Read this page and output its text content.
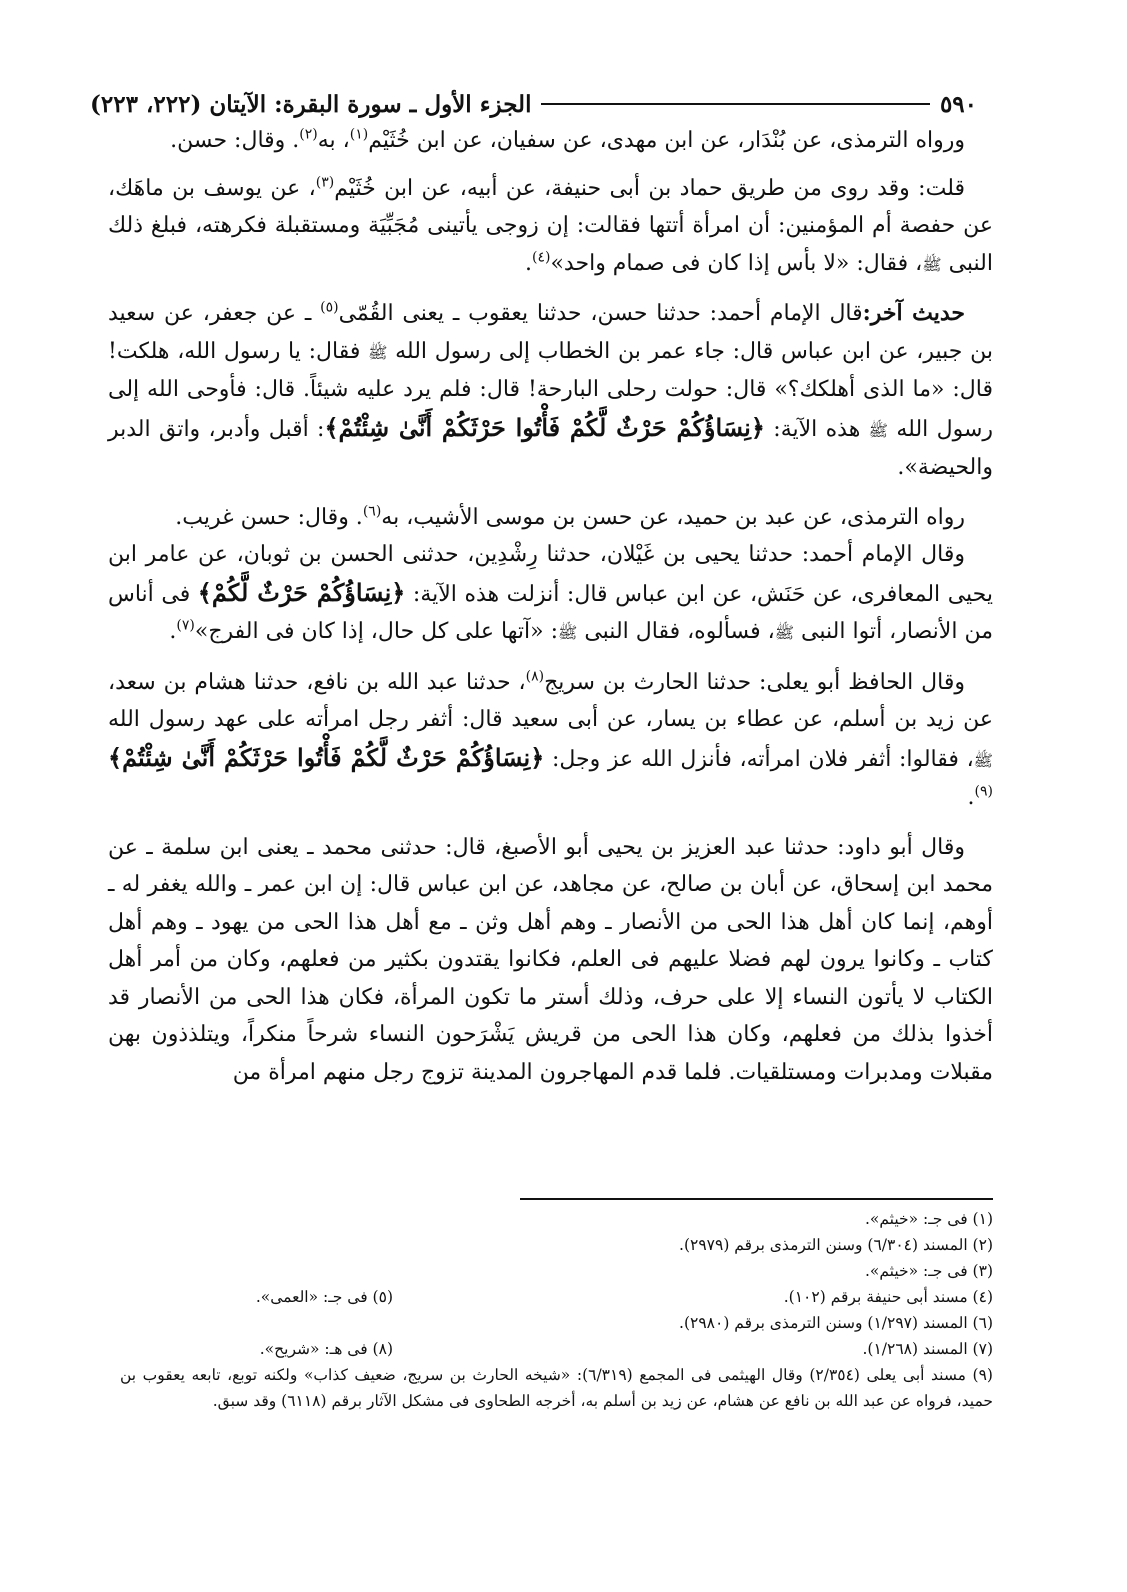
٥٩٠
الجزء الأول ـ سورة البقرة: الآيتان (٢٢٢، ٢٢٣)

ورواه الترمذى، عن بُنْدَار، عن ابن مهدى، عن سفيان، عن ابن خُثَيْم$^{(١)}$، به$^{(٢)}$. وقال: حسن.

قلت: وقد روى من طريق حماد بن أبى حنيفة، عن أبيه، عن ابن خُثَيْم$^{(٣)}$، عن يوسف بن ماهَك، عن حفصة أم المؤمنين: أن امرأة أتتها فقالت: إن زوجى يأتينى مُجَبِّيَة ومستقبلة فكرهته، فبلغ ذلك النبى ﷺ، فقال: «لا بأس إذا كان فى صمام واحد»$^{(٤)}$.

حديث آخر:قال الإمام أحمد: حدثنا حسن، حدثنا يعقوب ـ يعنى القُمّى$^{(٥)}$ ـ عن جعفر، عن سعيد بن جبير، عن ابن عباس قال: جاء عمر بن الخطاب إلى رسول الله ﷺ فقال: يا رسول الله، هلكت! قال: «ما الذى أهلكك؟» قال: حولت رحلى البارحة! قال: فلم يرد عليه شيئاً. قال: فأوحى الله إلى رسول الله ﷺ هذه الآية: ﴿نِسَاؤُكُمْ حَرْثٌ لَّكُمْ فَأْتُوا حَرْثَكُمْ أَنَّىٰ شِئْتُمْ﴾: أقبل وأدبر، واتق الدبر والحيضة».

رواه الترمذى، عن عبد بن حميد، عن حسن بن موسى الأشيب، به$^{(٦)}$. وقال: حسن غريب.

وقال الإمام أحمد: حدثنا يحيى بن غَيْلان، حدثنا رِشْدِين، حدثنى الحسن بن ثوبان، عن عامر ابن يحيى المعافرى، عن حَنَش، عن ابن عباس قال: أنزلت هذه الآية: ﴿نِسَاؤُكُمْ حَرْثٌ لَّكُمْ﴾ فى أناس من الأنصار، أتوا النبى ﷺ، فسألوه، فقال النبى ﷺ: «آتها على كل حال، إذا كان فى الفرج»$^{(٧)}$.

وقال الحافظ أبو يعلى: حدثنا الحارث بن سريج$^{(٨)}$، حدثنا عبد الله بن نافع، حدثنا هشام بن سعد، عن زيد بن أسلم، عن عطاء بن يسار، عن أبى سعيد قال: أثفر رجل امرأته على عهد رسول الله ﷺ، فقالوا: أثفر فلان امرأته، فأنزل الله عز وجل: ﴿نِسَاؤُكُمْ حَرْثٌ لَّكُمْ فَأْتُوا حَرْثَكُمْ أَنَّىٰ شِئْتُمْ﴾$^{(٩)}$.

وقال أبو داود: حدثنا عبد العزيز بن يحيى أبو الأصبغ، قال: حدثنى محمد ـ يعنى ابن سلمة ـ عن محمد ابن إسحاق، عن أبان بن صالح، عن مجاهد، عن ابن عباس قال: إن ابن عمر ـ والله يغفر له ـ أوهم، إنما كان أهل هذا الحى من الأنصار ـ وهم أهل وثن ـ مع أهل هذا الحى من يهود ـ وهم أهل كتاب ـ وكانوا يرون لهم فضلا عليهم فى العلم، فكانوا يقتدون بكثير من فعلهم، وكان من أمر أهل الكتاب لا يأتون النساء إلا على حرف، وذلك أستر ما تكون المرأة، فكان هذا الحى من الأنصار قد أخذوا بذلك من فعلهم، وكان هذا الحى من قريش يَشْرَحون النساء شرحاً منكراً، ويتلذذون بهن مقبلات ومدبرات ومستلقيات. فلما قدم المهاجرون المدينة تزوج رجل منهم امرأة من

(١) فى جـ: «خيثم».
(٢) المسند (٦/٣٠٤) وسنن الترمذى برقم (٢٩٧٩).
(٣) فى جـ: «خيثم».
(٤) مسند أبى حنيفة برقم (١٠٢).
(٥) فى جـ: «العمى».
(٦) المسند (١/٢٩٧) وسنن الترمذى برقم (٢٩٨٠).
(٧) المسند (١/٢٦٨).
(٨) فى هـ: «شريح».
(٩) مسند أبى يعلى (٢/٣٥٤) وقال الهيثمى فى المجمع (٦/٣١٩): «شيخه الحارث بن سريج، ضعيف كذاب» ولكنه توبع، تابعه يعقوب بن حميد، فرواه عن عبد الله بن نافع عن هشام، عن زيد بن أسلم به، أخرجه الطحاوى فى مشكل الآثار برقم (٦١١٨) وقد سبق.
